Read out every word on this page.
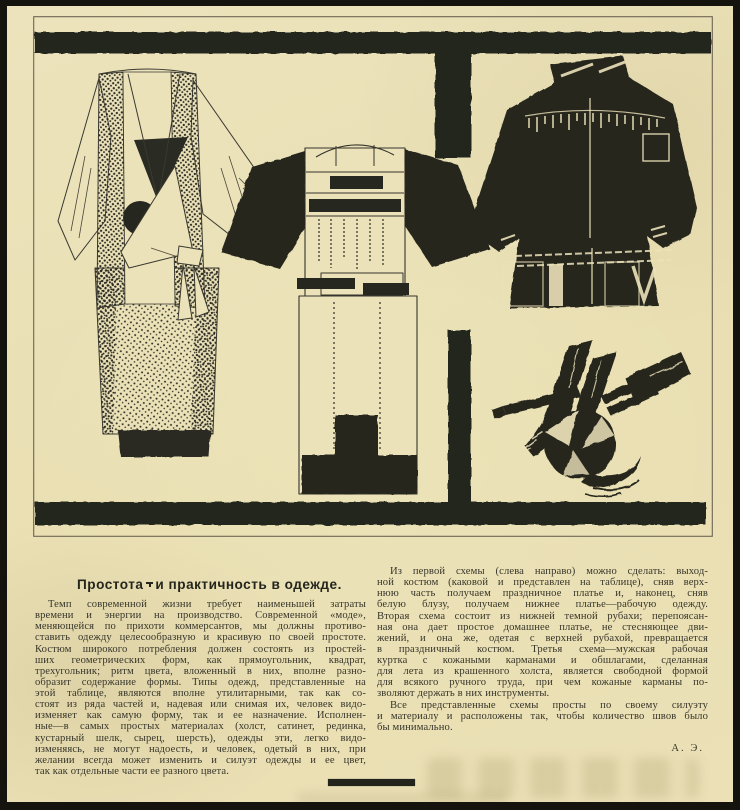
Простота и практичность в одежде.
Темп современной жизни требует наименьшей затраты
времени и энергии на производство. Современной «моде»,
меняющейся по прихоти коммерсантов, мы должны противо-
ставить одежду целесообразную и красивую по своей простоте.
Костюм широкого потребления должен состоять из простей-
ших геометрических форм, как прямоугольник, квадрат,
трехугольник; ритм цвета, вложенный в них, вполне разно-
образит содержание формы. Типы одежд, представленные на
этой таблице, являются вполне утилитарными, так как со-
стоят из ряда частей и, надевая или снимая их, человек видо-
изменяет как самую форму, так и ее назначение. Исполнен-
ные—в самых простых материалах (холст, сатинет, рединка,
кустарный шелк, сырец, шерсть), одежды эти, легко видо-
изменяясь, не могут надоесть, и человек, одетый в них, при
желании всегда может изменить и силуэт одежды и ее цвет,
так как отдельные части ее разного цвета.
Из первой схемы (слева направо) можно сделать: выход-
ной костюм (каковой и представлен на таблице), сняв верх-
нюю часть получаем праздничное платье и, наконец, сняв
белую блузу, получаем нижнее платье—рабочую одежду.
Вторая схема состоит из нижней темной рубахи; перепоясан-
ная она дает простое домашнее платье, не стесняющее дви-
жений, и она же, одетая с верхней рубахой, превращается
в праздничный костюм. Третья схема—мужская рабочая
куртка с кожаными карманами и обшлагами, сделанная
для лета из крашенного холста, является свободной формой
для всякого ручного труда, при чем кожаные карманы по-
зволяют держать в них инструменты.
Все представленные схемы просты по своему силуэту
и материалу и расположены так, чтобы количество швов было
бы минимально.
А. Э.
